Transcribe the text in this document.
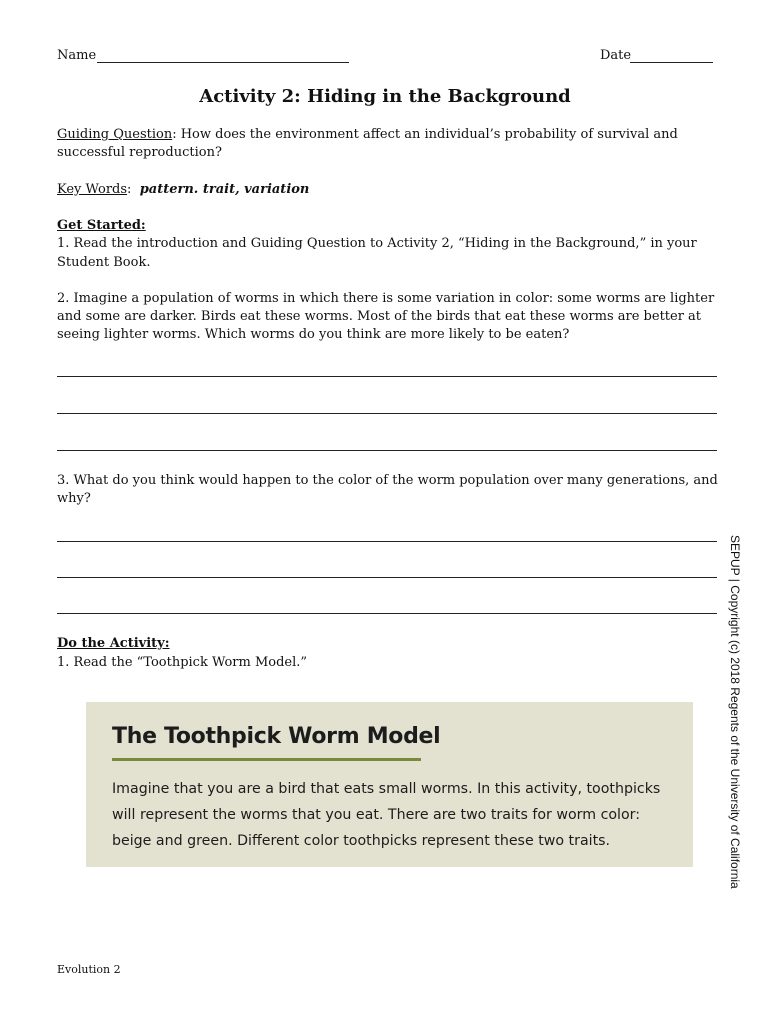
Name	Date
Activity 2: Hiding in the Background
Guiding Question: How does the environment affect an individual’s probability of survival and
successful reproduction?
Key Words: pattern. trait, variation
Get Started:
1. Read the introduction and Guiding Question to Activity 2, “Hiding in the Background,” in your
Student Book.
2. Imagine a population of worms in which there is some variation in color: some worms are lighter
and some are darker. Birds eat these worms. Most of the birds that eat these worms are better at
seeing lighter worms. Which worms do you think are more likely to be eaten?
3. What do you think would happen to the color of the worm population over many generations, and
why?
Do the Activity:
1. Read the “Toothpick Worm Model.”
The Toothpick Worm Model
Imagine that you are a bird that eats small worms. In this activity, toothpicks
will represent the worms that you eat. There are two traits for worm color:
beige and green. Different color toothpicks represent these two traits.	SEPUP | Copyright (c) 2018 Regents of the University of California
Evolution 2
